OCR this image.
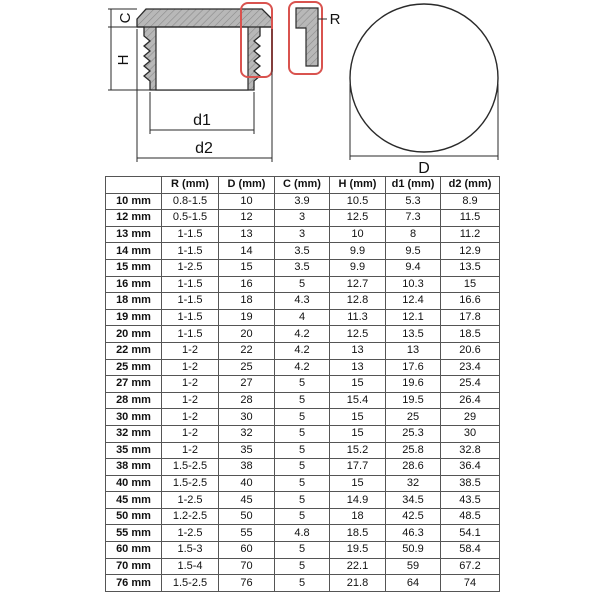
C
H
d1
d2
R
D
	R (mm)	D (mm)	C (mm)	H (mm)	d1 (mm)	d2 (mm)
10 mm	0.8-1.5	10	3.9	10.5	5.3	8.9
12 mm	0.5-1.5	12	3	12.5	7.3	11.5
13 mm	1-1.5	13	3	10	8	11.2
14 mm	1-1.5	14	3.5	9.9	9.5	12.9
15 mm	1-2.5	15	3.5	9.9	9.4	13.5
16 mm	1-1.5	16	5	12.7	10.3	15
18 mm	1-1.5	18	4.3	12.8	12.4	16.6
19 mm	1-1.5	19	4	11.3	12.1	17.8
20 mm	1-1.5	20	4.2	12.5	13.5	18.5
22 mm	1-2	22	4.2	13	13	20.6
25 mm	1-2	25	4.2	13	17.6	23.4
27 mm	1-2	27	5	15	19.6	25.4
28 mm	1-2	28	5	15.4	19.5	26.4
30 mm	1-2	30	5	15	25	29
32 mm	1-2	32	5	15	25.3	30
35 mm	1-2	35	5	15.2	25.8	32.8
38 mm	1.5-2.5	38	5	17.7	28.6	36.4
40 mm	1.5-2.5	40	5	15	32	38.5
45 mm	1-2.5	45	5	14.9	34.5	43.5
50 mm	1.2-2.5	50	5	18	42.5	48.5
55 mm	1-2.5	55	4.8	18.5	46.3	54.1
60 mm	1.5-3	60	5	19.5	50.9	58.4
70 mm	1.5-4	70	5	22.1	59	67.2
76 mm	1.5-2.5	76	5	21.8	64	74
